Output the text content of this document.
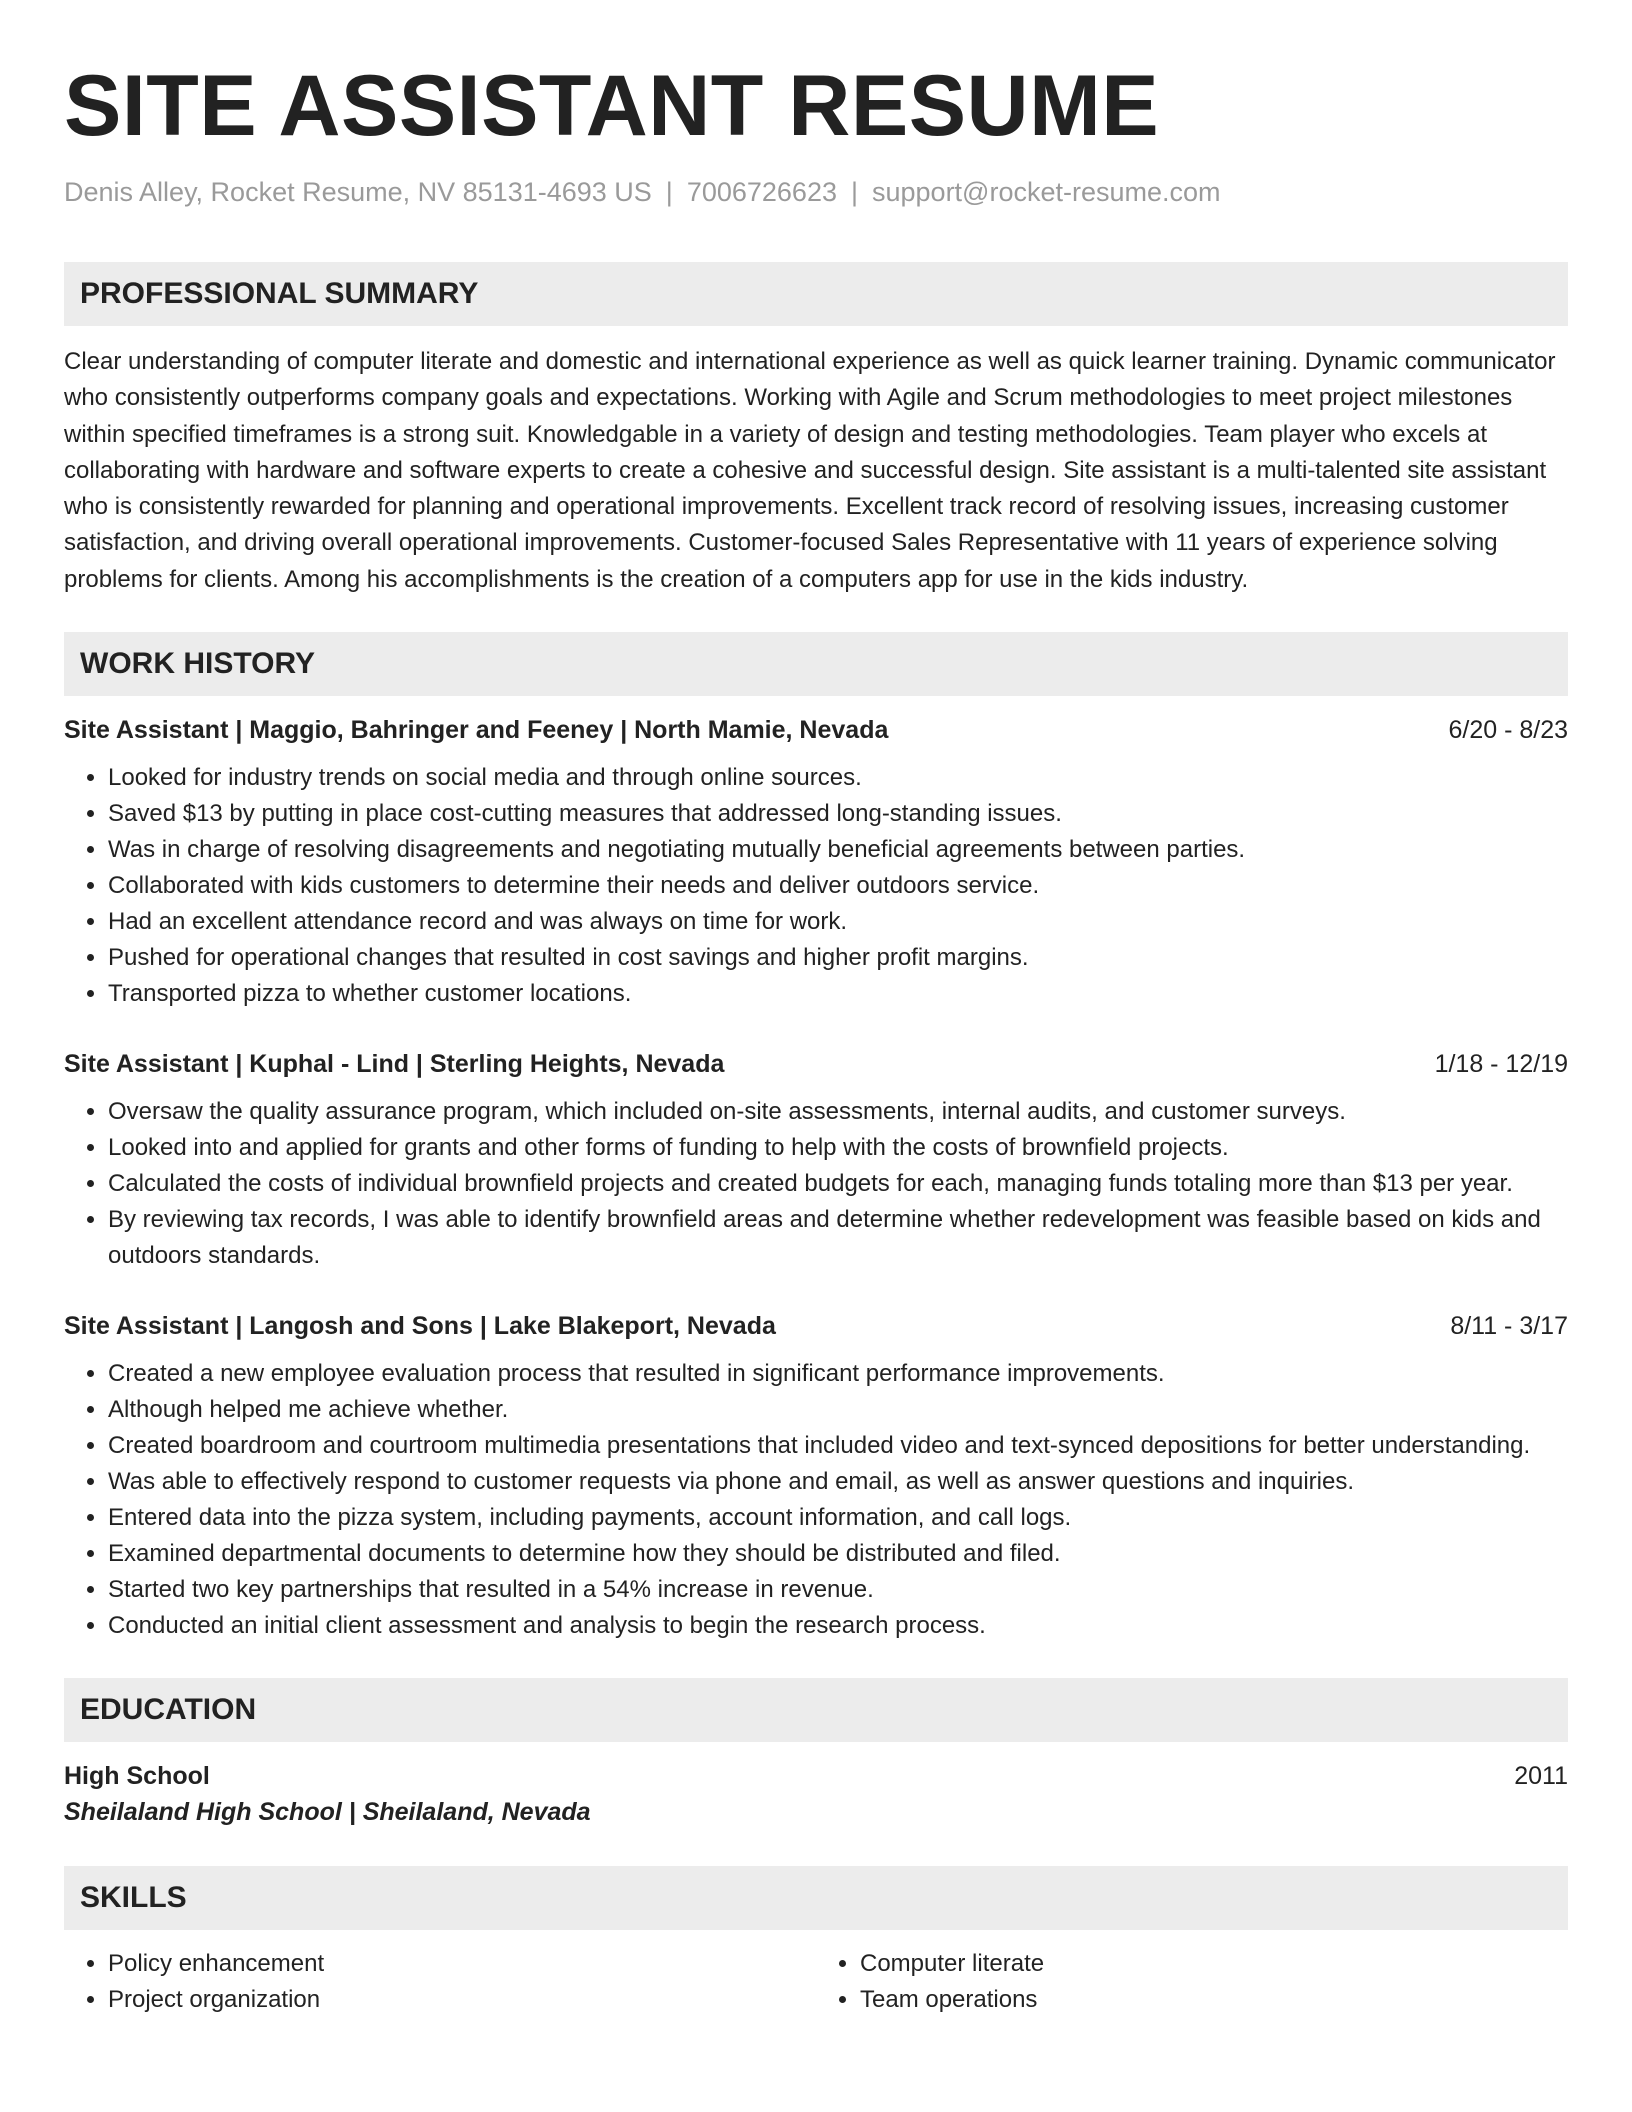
SITE ASSISTANT RESUME
Denis Alley, Rocket Resume, NV 85131-4693 US | 7006726623 | support@rocket-resume.com
PROFESSIONAL SUMMARY

Clear understanding of computer literate and domestic and international experience as well as quick learner training. Dynamic communicator who consistently outperforms company goals and expectations. Working with Agile and Scrum methodologies to meet project milestones within specified timeframes is a strong suit. Knowledgable in a variety of design and testing methodologies. Team player who excels at collaborating with hardware and software experts to create a cohesive and successful design. Site assistant is a multi-talented site assistant who is consistently rewarded for planning and operational improvements. Excellent track record of resolving issues, increasing customer satisfaction, and driving overall operational improvements. Customer-focused Sales Representative with 11 years of experience solving problems for clients. Among his accomplishments is the creation of a computers app for use in the kids industry.

WORK HISTORY
Site Assistant | Maggio, Bahringer and Feeney | North Mamie, Nevada	6/20 - 8/23
• Looked for industry trends on social media and through online sources.
• Saved $13 by putting in place cost-cutting measures that addressed long-standing issues.
• Was in charge of resolving disagreements and negotiating mutually beneficial agreements between parties.
• Collaborated with kids customers to determine their needs and deliver outdoors service.
• Had an excellent attendance record and was always on time for work.
• Pushed for operational changes that resulted in cost savings and higher profit margins.
• Transported pizza to whether customer locations.
Site Assistant | Kuphal - Lind | Sterling Heights, Nevada	1/18 - 12/19
• Oversaw the quality assurance program, which included on-site assessments, internal audits, and customer surveys.
• Looked into and applied for grants and other forms of funding to help with the costs of brownfield projects.
• Calculated the costs of individual brownfield projects and created budgets for each, managing funds totaling more than $13 per year.
• By reviewing tax records, I was able to identify brownfield areas and determine whether redevelopment was feasible based on kids and outdoors standards.
Site Assistant | Langosh and Sons | Lake Blakeport, Nevada	8/11 - 3/17
• Created a new employee evaluation process that resulted in significant performance improvements.
• Although helped me achieve whether.
• Created boardroom and courtroom multimedia presentations that included video and text-synced depositions for better understanding.
• Was able to effectively respond to customer requests via phone and email, as well as answer questions and inquiries.
• Entered data into the pizza system, including payments, account information, and call logs.
• Examined departmental documents to determine how they should be distributed and filed.
• Started two key partnerships that resulted in a 54% increase in revenue.
• Conducted an initial client assessment and analysis to begin the research process.
EDUCATION
High School	2011
Sheilaland High School | Sheilaland, Nevada
SKILLS
• Policy enhancement
• Project organization
• Computer literate
• Team operations
